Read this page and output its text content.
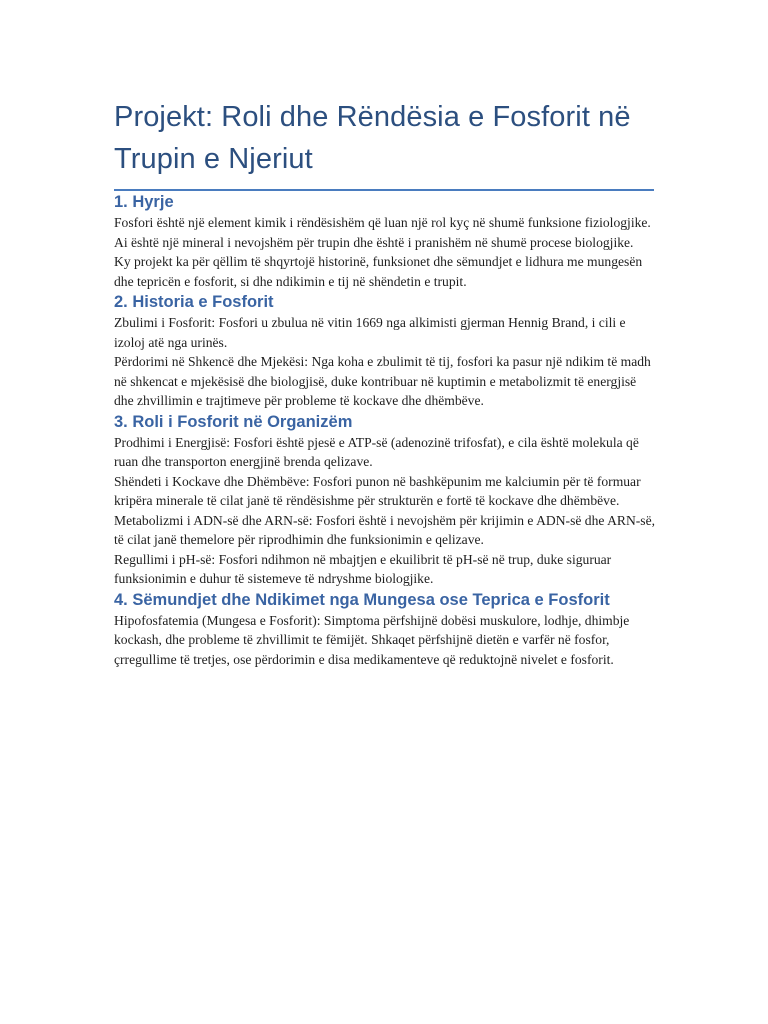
Projekt: Roli dhe Rëndësia e Fosforit në Trupin e Njeriut
1. Hyrje

Fosfori është një element kimik i rëndësishëm që luan një rol kyç në shumë funksione fiziologjike. Ai është një mineral i nevojshëm për trupin dhe është i pranishëm në shumë procese biologjike.

Ky projekt ka për qëllim të shqyrtojë historinë, funksionet dhe sëmundjet e lidhura me mungesën dhe tepricën e fosforit, si dhe ndikimin e tij në shëndetin e trupit.

2. Historia e Fosforit

Zbulimi i Fosforit: Fosfori u zbulua në vitin 1669 nga alkimisti gjerman Hennig Brand, i cili e izoloj atë nga urinës.

Përdorimi në Shkencë dhe Mjekësi: Nga koha e zbulimit të tij, fosfori ka pasur një ndikim të madh në shkencat e mjekësisë dhe biologjisë, duke kontribuar në kuptimin e metabolizmit të energjisë dhe zhvillimin e trajtimeve për probleme të kockave dhe dhëmbëve.

3. Roli i Fosforit në Organizëm

Prodhimi i Energjisë: Fosfori është pjesë e ATP-së (adenozinë trifosfat), e cila është molekula që ruan dhe transporton energjinë brenda qelizave.

Shëndeti i Kockave dhe Dhëmbëve: Fosfori punon në bashkëpunim me kalciumin për të formuar kripëra minerale të cilat janë të rëndësishme për strukturën e fortë të kockave dhe dhëmbëve.

Metabolizmi i ADN-së dhe ARN-së: Fosfori është i nevojshëm për krijimin e ADN-së dhe ARN-së, të cilat janë themelore për riprodhimin dhe funksionimin e qelizave.

Regullimi i pH-së: Fosfori ndihmon në mbajtjen e ekuilibrit të pH-së në trup, duke siguruar funksionimin e duhur të sistemeve të ndryshme biologjike.

4. Sëmundjet dhe Ndikimet nga Mungesa ose Teprica e Fosforit

Hipofosfatemia (Mungesa e Fosforit): Simptoma përfshijnë dobësi muskulore, lodhje, dhimbje kockash, dhe probleme të zhvillimit te fëmijët. Shkaqet përfshijnë dietën e varfër në fosfor, çrregullime të tretjes, ose përdorimin e disa medikamenteve që reduktojnë nivelet e fosforit.
